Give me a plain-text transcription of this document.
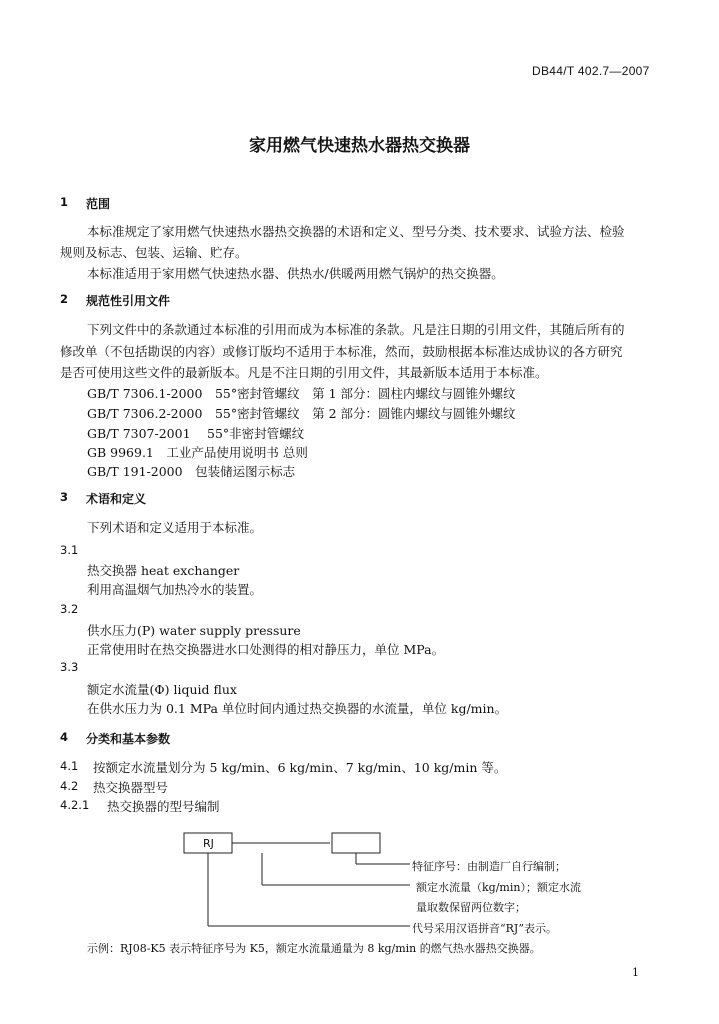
DB44/T 402.7—2007
家用燃气快速热水器热交换器
1 范围
本标准规定了家用燃气快速热水器热交换器的术语和定义、型号分类、技术要求、试验方法、检验
规则及标志、包装、运输、贮存。
本标准适用于家用燃气快速热水器、供热水/供暖两用燃气锅炉的热交换器。
2 规范性引用文件
下列文件中的条款通过本标准的引用而成为本标准的条款。凡是注日期的引用文件，其随后所有的
修改单（不包括勘误的内容）或修订版均不适用于本标准，然而，鼓励根据本标准达成协议的各方研究
是否可使用这些文件的最新版本。凡是不注日期的引用文件，其最新版本适用于本标准。
GB/T 7306.1-2000　55°密封管螺纹　第 1 部分：圆柱内螺纹与圆锥外螺纹
GB/T 7306.2-2000　55°密封管螺纹　第 2 部分：圆锥内螺纹与圆锥外螺纹
GB/T 7307-2001　 55°非密封管螺纹
GB 9969.1　工业产品使用说明书 总则
GB/T 191-2000　包装储运图示标志
3 术语和定义
下列术语和定义适用于本标准。
3.1
热交换器 heat exchanger
利用高温烟气加热冷水的装置。
3.2
供水压力(P) water supply pressure
正常使用时在热交换器进水口处测得的相对静压力，单位 MPa。
3.3
额定水流量(Φ) liquid flux
在供水压力为 0.1 MPa 单位时间内通过热交换器的水流量，单位 kg/min。
4 分类和基本参数
4.1 按额定水流量划分为 5 kg/min、6 kg/min、7 kg/min、10 kg/min 等。
4.2 热交换器型号
4.2.1 热交换器的型号编制
RJ
特征序号：由制造厂自行编制；
额定水流量（kg/min）；额定水流
量取数保留两位数字；
代号采用汉语拼音“RJ”表示。
示例：RJ08-K5 表示特征序号为 K5，额定水流量通量为 8 kg/min 的燃气热水器热交换器。
1
